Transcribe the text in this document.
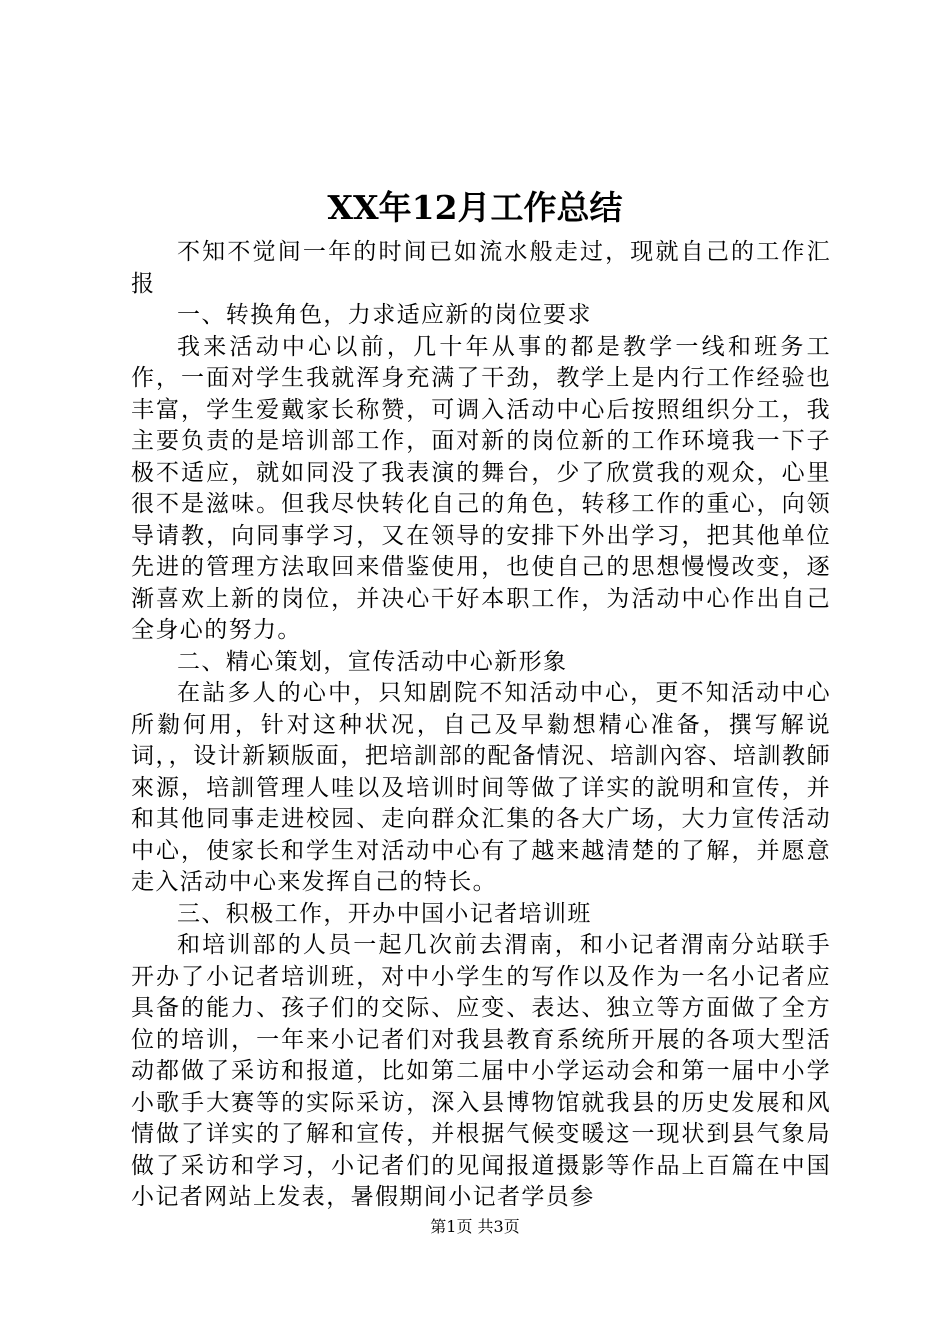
XX年12月工作总结

不知不觉间一年的时间已如流水般走过，现就自己的工作汇报

一、转换角色，力求适应新的岗位要求

我来活动中心以前，几十年从事的都是教学一线和班务工作，一面对学生我就浑身充满了干劲，教学上是内行工作经验也丰富，学生爱戴家长称赞，可调入活动中心后按照组织分工，我主要负责的是培训部工作，面对新的岗位新的工作环境我一下子极不适应，就如同没了我表演的舞台，少了欣赏我的观众，心里很不是滋味。但我尽快转化自己的角色，转移工作的重心，向领导请教，向同事学习，又在领导的安排下外出学习，把其他单位先进的管理方法取回来借鉴使用，也使自己的思想慢慢改变，逐渐喜欢上新的岗位，并决心干好本职工作，为活动中心作出自己全身心的努力。

二、精心策划，宣传活动中心新形象

在詀多人的心中，只知剧院不知活动中心，更不知活动中心所勬何用，针对这种状况，自己及早勬想精心准备，撰写解说词，，设计新颖版面，把培訓部的配备情況、培訓內容、培訓教師來源，培訓管理人哇以及培训时间等做了详实的說明和宣传，并和其他同事走进校园、走向群众汇集的各大广场，大力宣传活动中心，使家长和学生对活动中心有了越来越清楚的了解，并愿意走入活动中心来发挥自己的特长。

三、积极工作，开办中国小记者培训班

和培训部的人员一起几次前去渭南，和小记者渭南分站联手开办了小记者培训班，对中小学生的写作以及作为一名小记者应具备的能力、孩子们的交际、应变、表达、独立等方面做了全方位的培训，一年来小记者们对我县教育系统所开展的各项大型活动都做了采访和报道，比如第二届中小学运动会和第一届中小学小歌手大赛等的实际采访，深入县博物馆就我县的历史发展和风情做了详实的了解和宣传，并根据气候变暖这一现状到县气象局做了采访和学习，小记者们的见闻报道摄影等作品上百篇在中国小记者网站上发表，暑假期间小记者学员参

第1页 共3页
